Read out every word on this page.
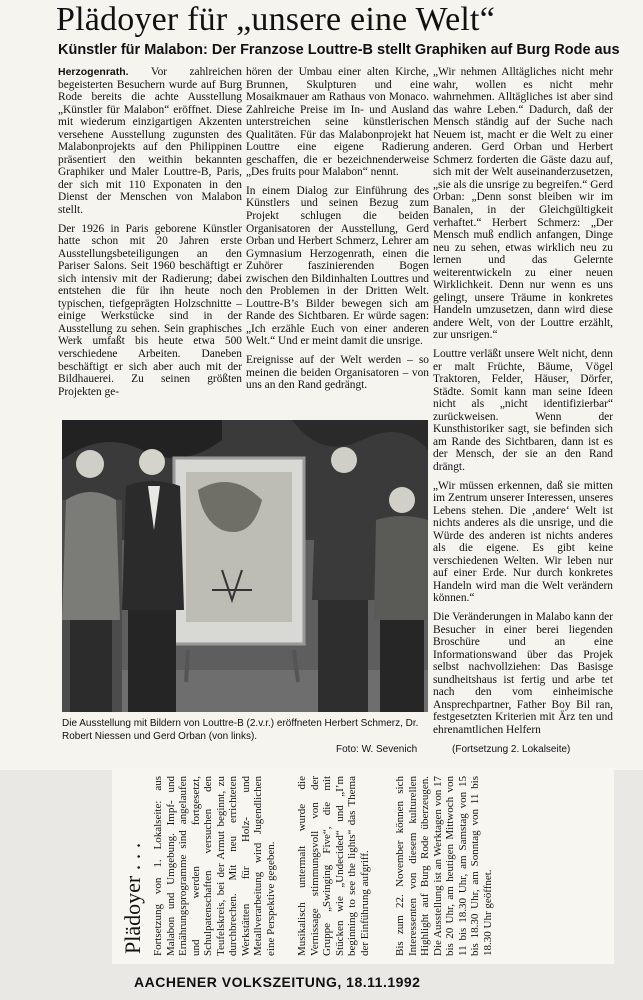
Plädoyer für „unsere eine Welt“
Künstler für Malabon: Der Franzose Louttre-B stellt Graphiken auf Burg Rode aus

Herzogenrath. Vor zahlreichen begeisterten Besuchern wurde auf Burg Rode bereits die achte Ausstellung „Künstler für Malabon“ eröffnet. Diese mit wiederum einzigartigen Akzenten versehene Ausstellung zugunsten des Malabonprojekts auf den Philippinen präsentiert den weithin bekannten Graphiker und Maler Louttre-B, Paris, der sich mit 110 Exponaten in den Dienst der Menschen von Malabon stellt.

Der 1926 in Paris geborene Künstler hatte schon mit 20 Jahren erste Ausstellungsbeteiligungen an den Pariser Salons. Seit 1960 beschäftigt er sich intensiv mit der Radierung; dabei entstehen die für ihn heute noch typischen, tiefgeprägten Holzschnitte – einige Werkstücke sind in der Ausstellung zu sehen. Sein graphisches Werk umfaßt bis heute etwa 500 verschiedene Arbeiten. Daneben beschäftigt er sich aber auch mit der Bildhauerei. Zu seinen größten Projekten ge-

hören der Umbau einer alten Kirche, Brunnen, Skulpturen und eine Mosaikmauer am Rathaus von Monaco. Zahlreiche Preise im In- und Ausland unterstreichen seine künstlerischen Qualitäten. Für das Malabonprojekt hat Louttre eine eigene Radierung geschaffen, die er bezeichnenderweise „Des fruits pour Malabon“ nennt.

In einem Dialog zur Einführung des Künstlers und seinen Bezug zum Projekt schlugen die beiden Organisatoren der Ausstellung, Gerd Orban und Herbert Schmerz, Lehrer am Gymnasium Herzogenrath, einen die Zuhörer faszinierenden Bogen zwischen den Bildinhalten Louttres und den Problemen in der Dritten Welt. Louttre-B’s Bilder bewegen sich am Rande des Sichtbaren. Er würde sagen: „Ich erzähle Euch von einer anderen Welt.“ Und er meint damit die unsrige.

Ereignisse auf der Welt werden – so meinen die beiden Organisatoren – von uns an den Rand gedrängt.

„Wir nehmen Alltägliches nicht mehr wahr, wollen es nicht mehr wahrnehmen. Alltägliches ist aber sind das wahre Leben.“ Dadurch, daß der Mensch ständig auf der Suche nach Neuem ist, macht er die Welt zu einer anderen. Gerd Orban und Herbert Schmerz forderten die Gäste dazu auf, sich mit der Welt auseinanderzusetzen, „sie als die unsrige zu begreifen.“ Gerd Orban: „Denn sonst bleiben wir im Banalen, in der Gleichgültigkeit verhaftet.“ Herbert Schmerz: „Der Mensch muß endlich anfangen, Dinge neu zu sehen, etwas wirklich neu zu lernen und das Gelernte weiterentwickeln zu einer neuen Wirklichkeit. Denn nur wenn es uns gelingt, unsere Träume in konkretes Handeln umzusetzen, dann wird diese andere Welt, von der Louttre erzählt, zur unsrigen.“

Louttre verläßt unsere Welt nicht, denn er malt Früchte, Bäume, Vögel Traktoren, Felder, Häuser, Dörfer, Städte. Somit kann man seine Ideen nicht als „nicht identifizierbar“ zurückweisen. Wenn der Kunsthistoriker sagt, sie befinden sich am Rande des Sichtbaren, dann ist es der Mensch, der sie an den Rand drängt.

„Wir müssen erkennen, daß sie mitten im Zentrum unserer Interessen, unseres Lebens stehen. Die ‚andere‘ Welt ist nichts anderes als die unsrige, und die Würde des anderen ist nichts anderes als die eigene. Es gibt keine verschiedenen Welten. Wir leben nur auf einer Erde. Nur durch konkretes Handeln wird man die Welt verändern können.“

Die Veränderungen in Malabo kann der Besucher in einer berei liegenden Broschüre und an eine Informationswand über das Projek selbst nachvollziehen: Das Basisge sundheitshaus ist fertig und arbe tet nach den vom einheimische Ansprechpartner, Father Boy Bil ran, festgesetzten Kriterien mit Ärz ten und ehrenamtlichen Helfern

Die Ausstellung mit Bildern von Louttre-B (2.v.r.) eröffneten Herbert Schmerz, Dr. Robert Niessen und Gerd Orban (von links).
Foto: W. Sevenich	(Fortsetzung 2. Lokalseite)
Plädoyer . . . Fortsetzung von 1. Lokalseite: aus Malabon und Umgebung. Impf- und Ernährungsprogramme sind angelaufen und werden fortgesetzt, Schulpatenschaften versuchen den Teufelskreis, bei der Armut beginnt, zu durchbrechen. Mit neu errichteten Werkstätten für Holz- und Metallverarbeitung wird Jugendlichen eine Perspektive gegeben. Musikalisch untermalt wurde die Vernissage stimmungsvoll von der Gruppe „Swinging Five“, die mit Stücken wie „Undecided“ und „I’m beginning to see the lights“ das Thema der Einführung aufgriff. Bis zum 22. November können sich Interessenten von diesem kulturellen Highlight auf Burg Rode überzeugen. Die Ausstellung ist an Werktagen von 17 bis 20 Uhr, am heutigen Mittwoch von 11 bis 18.30 Uhr, am Samstag von 15 bis 18.30 Uhr, am Sonntag von 11 bis 18.30 Uhr geöffnet.
AACHENER VOLKSZEITUNG, 18.11.1992
